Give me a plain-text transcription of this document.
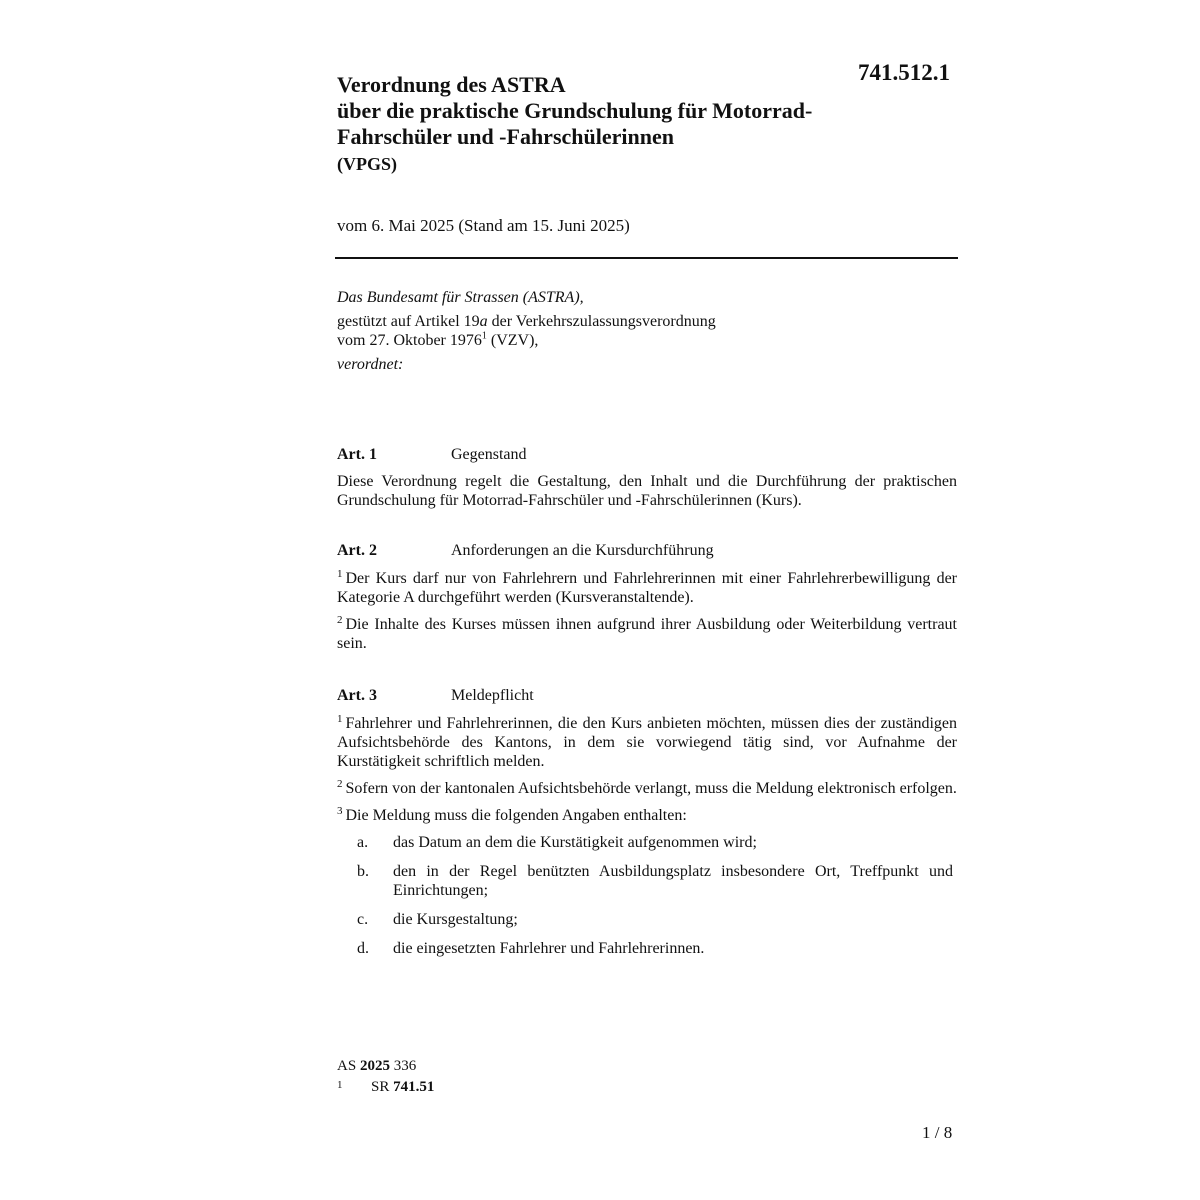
741.512.1
Verordnung des ASTRA
über die praktische Grundschulung für Motorrad-
Fahrschüler und -Fahrschülerinnen
(VPGS)
vom 6. Mai 2025 (Stand am 15. Juni 2025)

Das Bundesamt für Strassen (ASTRA),

gestützt auf Artikel 19a der Verkehrszulassungsverordnung

vom 27. Oktober 1976$^1$ (VZV),

verordnet:

Art. 1	Gegenstand

Diese Verordnung regelt die Gestaltung, den Inhalt und die Durchführung der praktischen Grundschulung für Motorrad-Fahrschüler und -Fahrschülerinnen (Kurs).

Art. 2	Anforderungen an die Kursdurchführung

$^1$ Der Kurs darf nur von Fahrlehrern und Fahrlehrerinnen mit einer Fahrlehrerbewilligung der Kategorie A durchgeführt werden (Kursveranstaltende).

$^2$ Die Inhalte des Kurses müssen ihnen aufgrund ihrer Ausbildung oder Weiterbildung vertraut sein.

Art. 3	Meldepflicht

$^1$ Fahrlehrer und Fahrlehrerinnen, die den Kurs anbieten möchten, müssen dies der zuständigen Aufsichtsbehörde des Kantons, in dem sie vorwiegend tätig sind, vor Aufnahme der Kurstätigkeit schriftlich melden.

$^2$ Sofern von der kantonalen Aufsichtsbehörde verlangt, muss die Meldung elektronisch erfolgen.

$^3$ Die Meldung muss die folgenden Angaben enthalten:

a.	das Datum an dem die Kurstätigkeit aufgenommen wird;
b.	den in der Regel benützten Ausbildungsplatz insbesondere Ort, Treffpunkt und Einrichtungen;
c.	die Kursgestaltung;
d.	die eingesetzten Fahrlehrer und Fahrlehrerinnen.
AS 2025 336
1	SR 741.51
1 / 8
